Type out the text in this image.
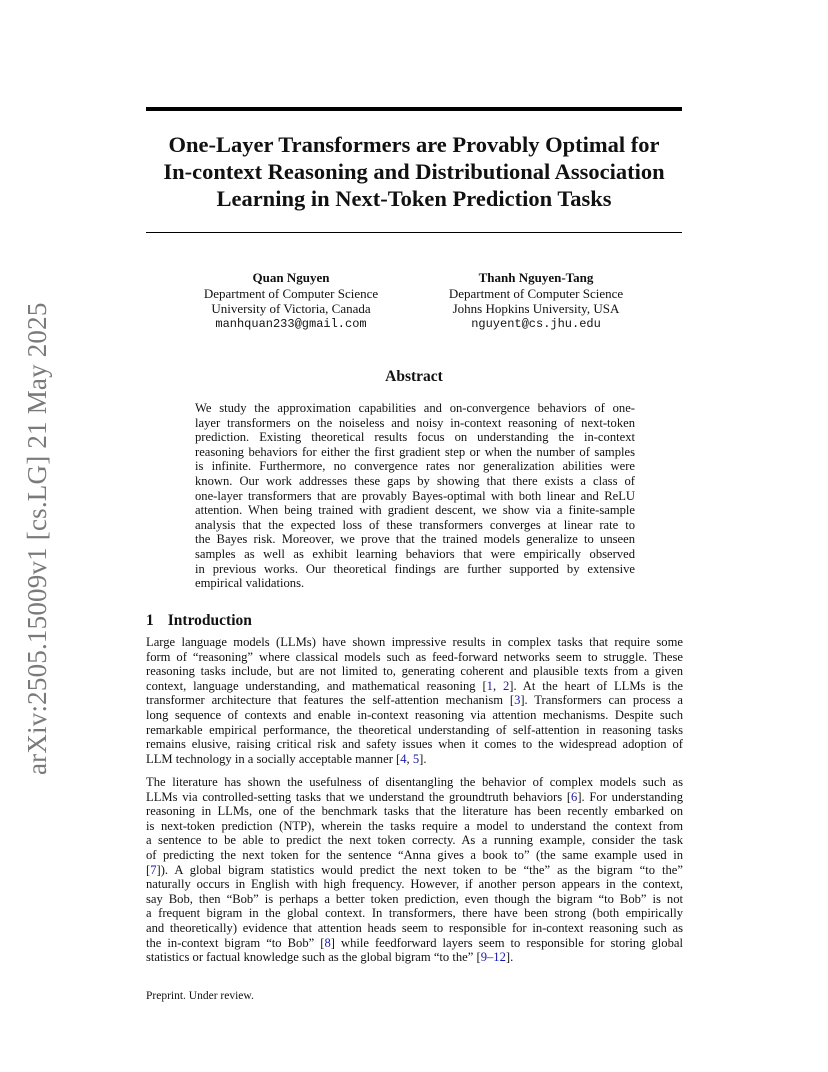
arXiv:2505.15009v1 [cs.LG] 21 May 2025
One-Layer Transformers are Provably Optimal for
In-context Reasoning and Distributional Association
Learning in Next-Token Prediction Tasks
Quan Nguyen
Department of Computer Science
University of Victoria, Canada
manhquan233@gmail.com
Thanh Nguyen-Tang
Department of Computer Science
Johns Hopkins University, USA
nguyent@cs.jhu.edu
Abstract
We study the approximation capabilities and on-convergence behaviors of one-
layer transformers on the noiseless and noisy in-context reasoning of next-token
prediction. Existing theoretical results focus on understanding the in-context
reasoning behaviors for either the first gradient step or when the number of samples
is infinite. Furthermore, no convergence rates nor generalization abilities were
known. Our work addresses these gaps by showing that there exists a class of
one-layer transformers that are provably Bayes-optimal with both linear and ReLU
attention. When being trained with gradient descent, we show via a finite-sample
analysis that the expected loss of these transformers converges at linear rate to
the Bayes risk. Moreover, we prove that the trained models generalize to unseen
samples as well as exhibit learning behaviors that were empirically observed
in previous works. Our theoretical findings are further supported by extensive
empirical validations.
1 Introduction
Large language models (LLMs) have shown impressive results in complex tasks that require some
form of “reasoning” where classical models such as feed-forward networks seem to struggle. These
reasoning tasks include, but are not limited to, generating coherent and plausible texts from a given
context, language understanding, and mathematical reasoning [1, 2]. At the heart of LLMs is the
transformer architecture that features the self-attention mechanism [3]. Transformers can process a
long sequence of contexts and enable in-context reasoning via attention mechanisms. Despite such
remarkable empirical performance, the theoretical understanding of self-attention in reasoning tasks
remains elusive, raising critical risk and safety issues when it comes to the widespread adoption of
LLM technology in a socially acceptable manner [4, 5].
The literature has shown the usefulness of disentangling the behavior of complex models such as
LLMs via controlled-setting tasks that we understand the groundtruth behaviors [6]. For understanding
reasoning in LLMs, one of the benchmark tasks that the literature has been recently embarked on
is next-token prediction (NTP), wherein the tasks require a model to understand the context from
a sentence to be able to predict the next token correcty. As a running example, consider the task
of predicting the next token for the sentence “Anna gives a book to” (the same example used in
[7]). A global bigram statistics would predict the next token to be “the” as the bigram “to the”
naturally occurs in English with high frequency. However, if another person appears in the context,
say Bob, then “Bob” is perhaps a better token prediction, even though the bigram “to Bob” is not
a frequent bigram in the global context. In transformers, there have been strong (both empirically
and theoretically) evidence that attention heads seem to responsible for in-context reasoning such as
the in-context bigram “to Bob” [8] while feedforward layers seem to responsible for storing global
statistics or factual knowledge such as the global bigram “to the” [9–12].
Preprint. Under review.
